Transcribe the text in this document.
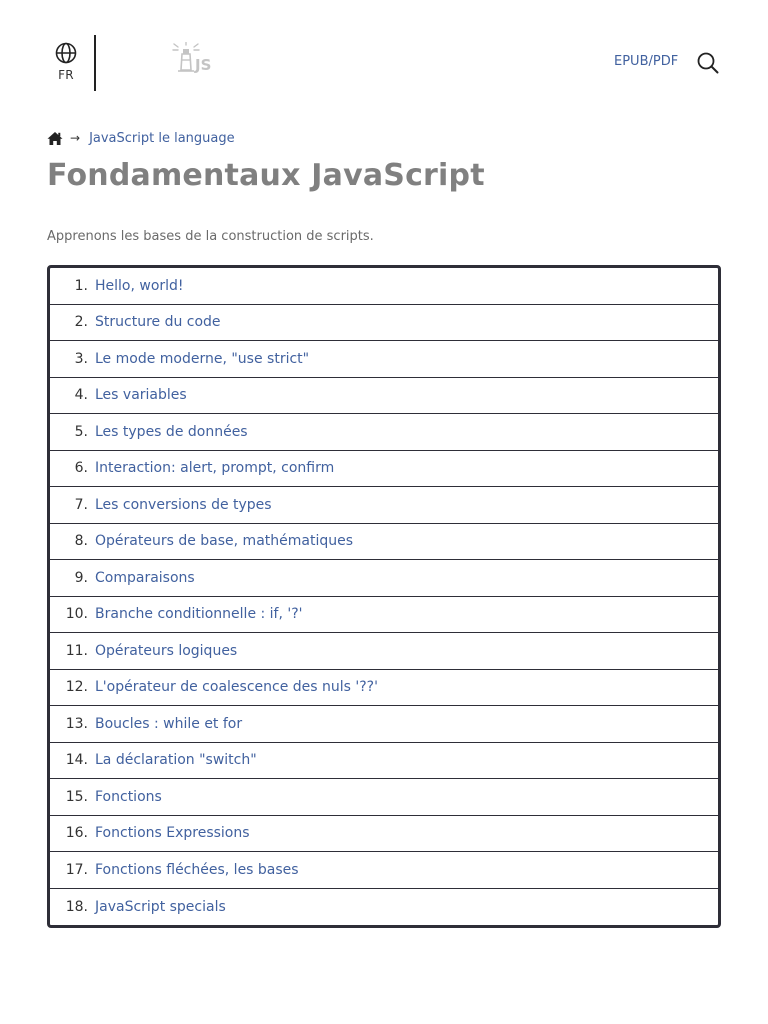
FR
JS	EPUB/PDF
→ JavaScript le language
Fondamentaux JavaScript

Apprenons les bases de la construction de scripts.

1. Hello, world!
2. Structure du code
3. Le mode moderne, "use strict"
4. Les variables
5. Les types de données
6. Interaction: alert, prompt, confirm
7. Les conversions de types
8. Opérateurs de base, mathématiques
9. Comparaisons
10. Branche conditionnelle : if, '?'
11. Opérateurs logiques
12. L'opérateur de coalescence des nuls '??'
13. Boucles : while et for
14. La déclaration "switch"
15. Fonctions
16. Fonctions Expressions
17. Fonctions fléchées, les bases
18. JavaScript specials
